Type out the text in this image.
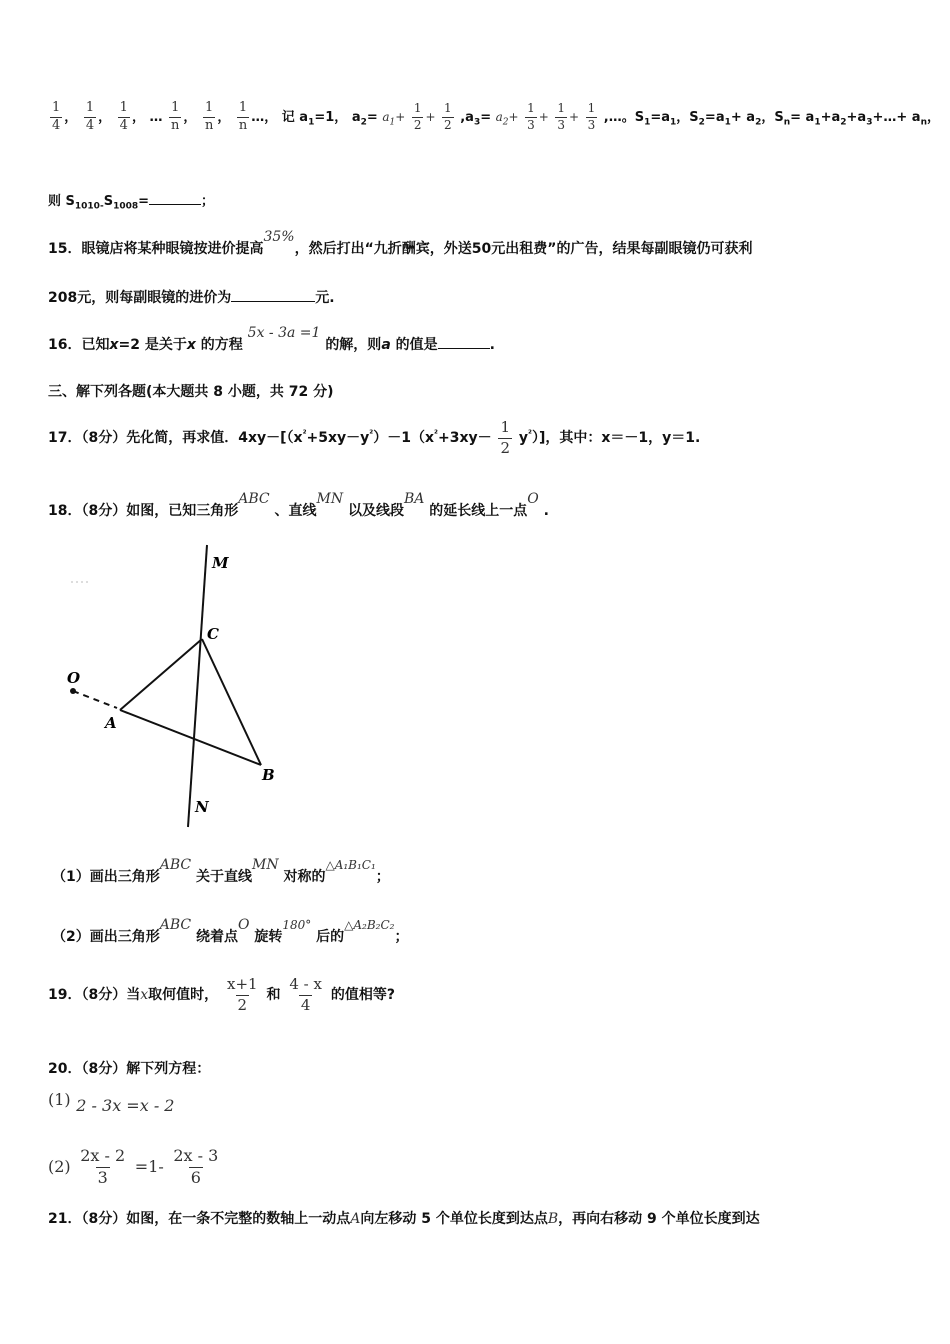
$\frac{1}{4}$ ， $\frac{1}{4}$ ， $\frac{1}{4}$ ， … $\frac{1}{n}$ ， $\frac{1}{n}$ ， $\frac{1}{n}$ …， 记 $a_1=1$， $a_2= a_1+ \frac{1}{2} + \frac{1}{2} ,a_3= a_2+ \frac{1}{3} + \frac{1}{3} + \frac{1}{3}$ ,…。$S_1=a_1$，$S_2=a_1+ a_2$，$S_n=$ $a_1+a_2+a_3+\dots+ a_n$，
则 $S_{1010-}S_{1008}=$	；
15．眼镜店将某种眼镜按进价提高35%，然后打出“九折酬宾，外送50元出租费”的广告，结果每副眼镜仍可获利
208元，则每副眼镜的进价为	元.
16．已知x=2 是关于x 的方程 5x - 3a =1 的解，则a 的值是	.
三、解下列各题(本大题共 8 小题，共 72 分)
17．（8分）先化简，再求值．$4xy-[(x^{^2}+5xy-y^{^2})-1(x^{^2}+3xy- \frac{1}{2} y^{^2})]$，其中：x＝－1，y＝1.
18．（8分）如图，已知三角形ABC 、直线MN 以及线段BA 的延长线上一点O .
M
C
O
A
B
N
（1）画出三角形ABC 关于直线MN 对称的△A₁B₁C₁；
（2）画出三角形ABC 绕着点O 旋转180° 后的△A₂B₂C₂；
19．（8分）当x取何值时， $\frac{x+1}{2}$ 和 $\frac{4 - x}{4}$ 的值相等?
20．（8分）解下列方程：
(1) 2 - 3x =x - 2
$(2) \frac{2x - 2}{3} =1- \frac{2x - 3}{6}$
21．（8分）如图，在一条不完整的数轴上一动点A向左移动 5 个单位长度到达点B，再向右移动 9 个单位长度到达
